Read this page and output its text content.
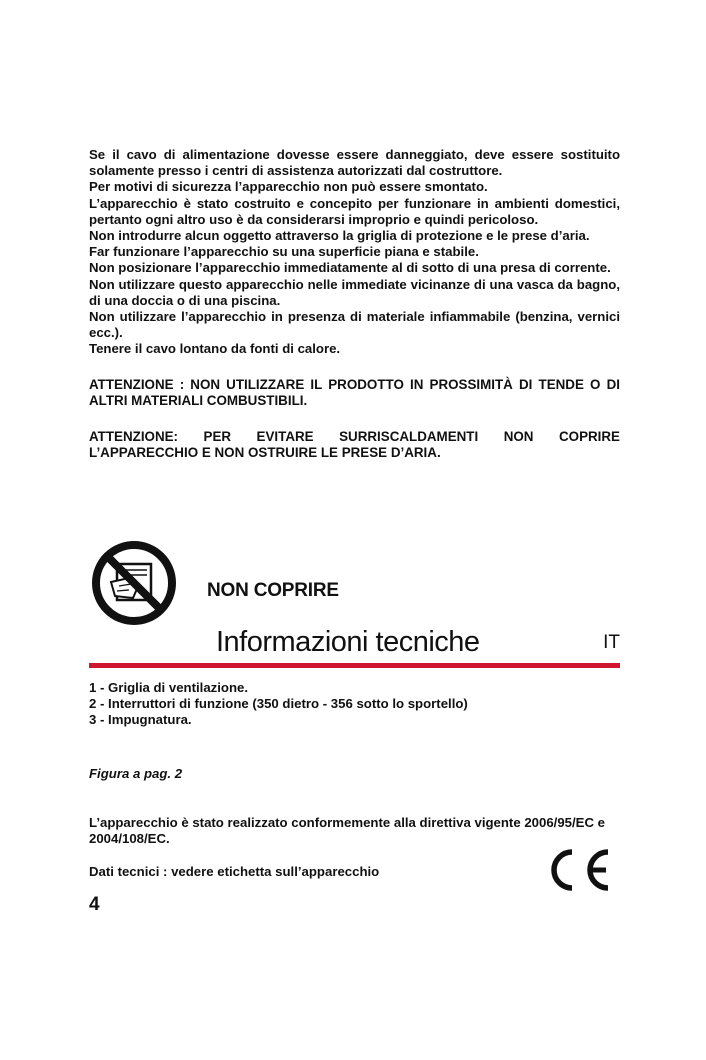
Se il cavo di alimentazione dovesse essere danneggiato, deve essere sostituito solamente presso i centri di assistenza autorizzati dal costruttore.

Per motivi di sicurezza l’apparecchio non può essere smontato.

L’apparecchio è stato costruito e concepito per funzionare in ambienti domestici, pertanto ogni altro uso è da considerarsi improprio e quindi pericoloso.

Non introdurre alcun oggetto attraverso la griglia di protezione e le prese d’aria.

Far funzionare l’apparecchio su una superficie piana e stabile.

Non posizionare l’apparecchio immediatamente al di sotto di una presa di corrente.

Non utilizzare questo apparecchio nelle immediate vicinanze di una vasca da bagno, di una doccia o di una piscina.

Non utilizzare l’apparecchio in presenza di materiale infiammabile (benzina, vernici ecc.).

Tenere il cavo lontano da fonti di calore.

ATTENZIONE : NON UTILIZZARE IL PRODOTTO IN PROSSIMITÀ DI TENDE O DI ALTRI MATERIALI COMBUSTIBILI.

ATTENZIONE: PER EVITARE SURRISCALDAMENTI NON COPRIRE L’APPARECCHIO E NON OSTRUIRE LE PRESE D’ARIA.

NON COPRIRE
Informazioni tecniche	IT

1 - Griglia di ventilazione.

2 - Interruttori di funzione (350 dietro - 356 sotto lo sportello)

3 - Impugnatura.

Figura a pag. 2

L’apparecchio è stato realizzato conformemente alla direttiva vigente 2006/95/EC e 2004/108/EC.

Dati tecnici : vedere etichetta sull’apparecchio
4
